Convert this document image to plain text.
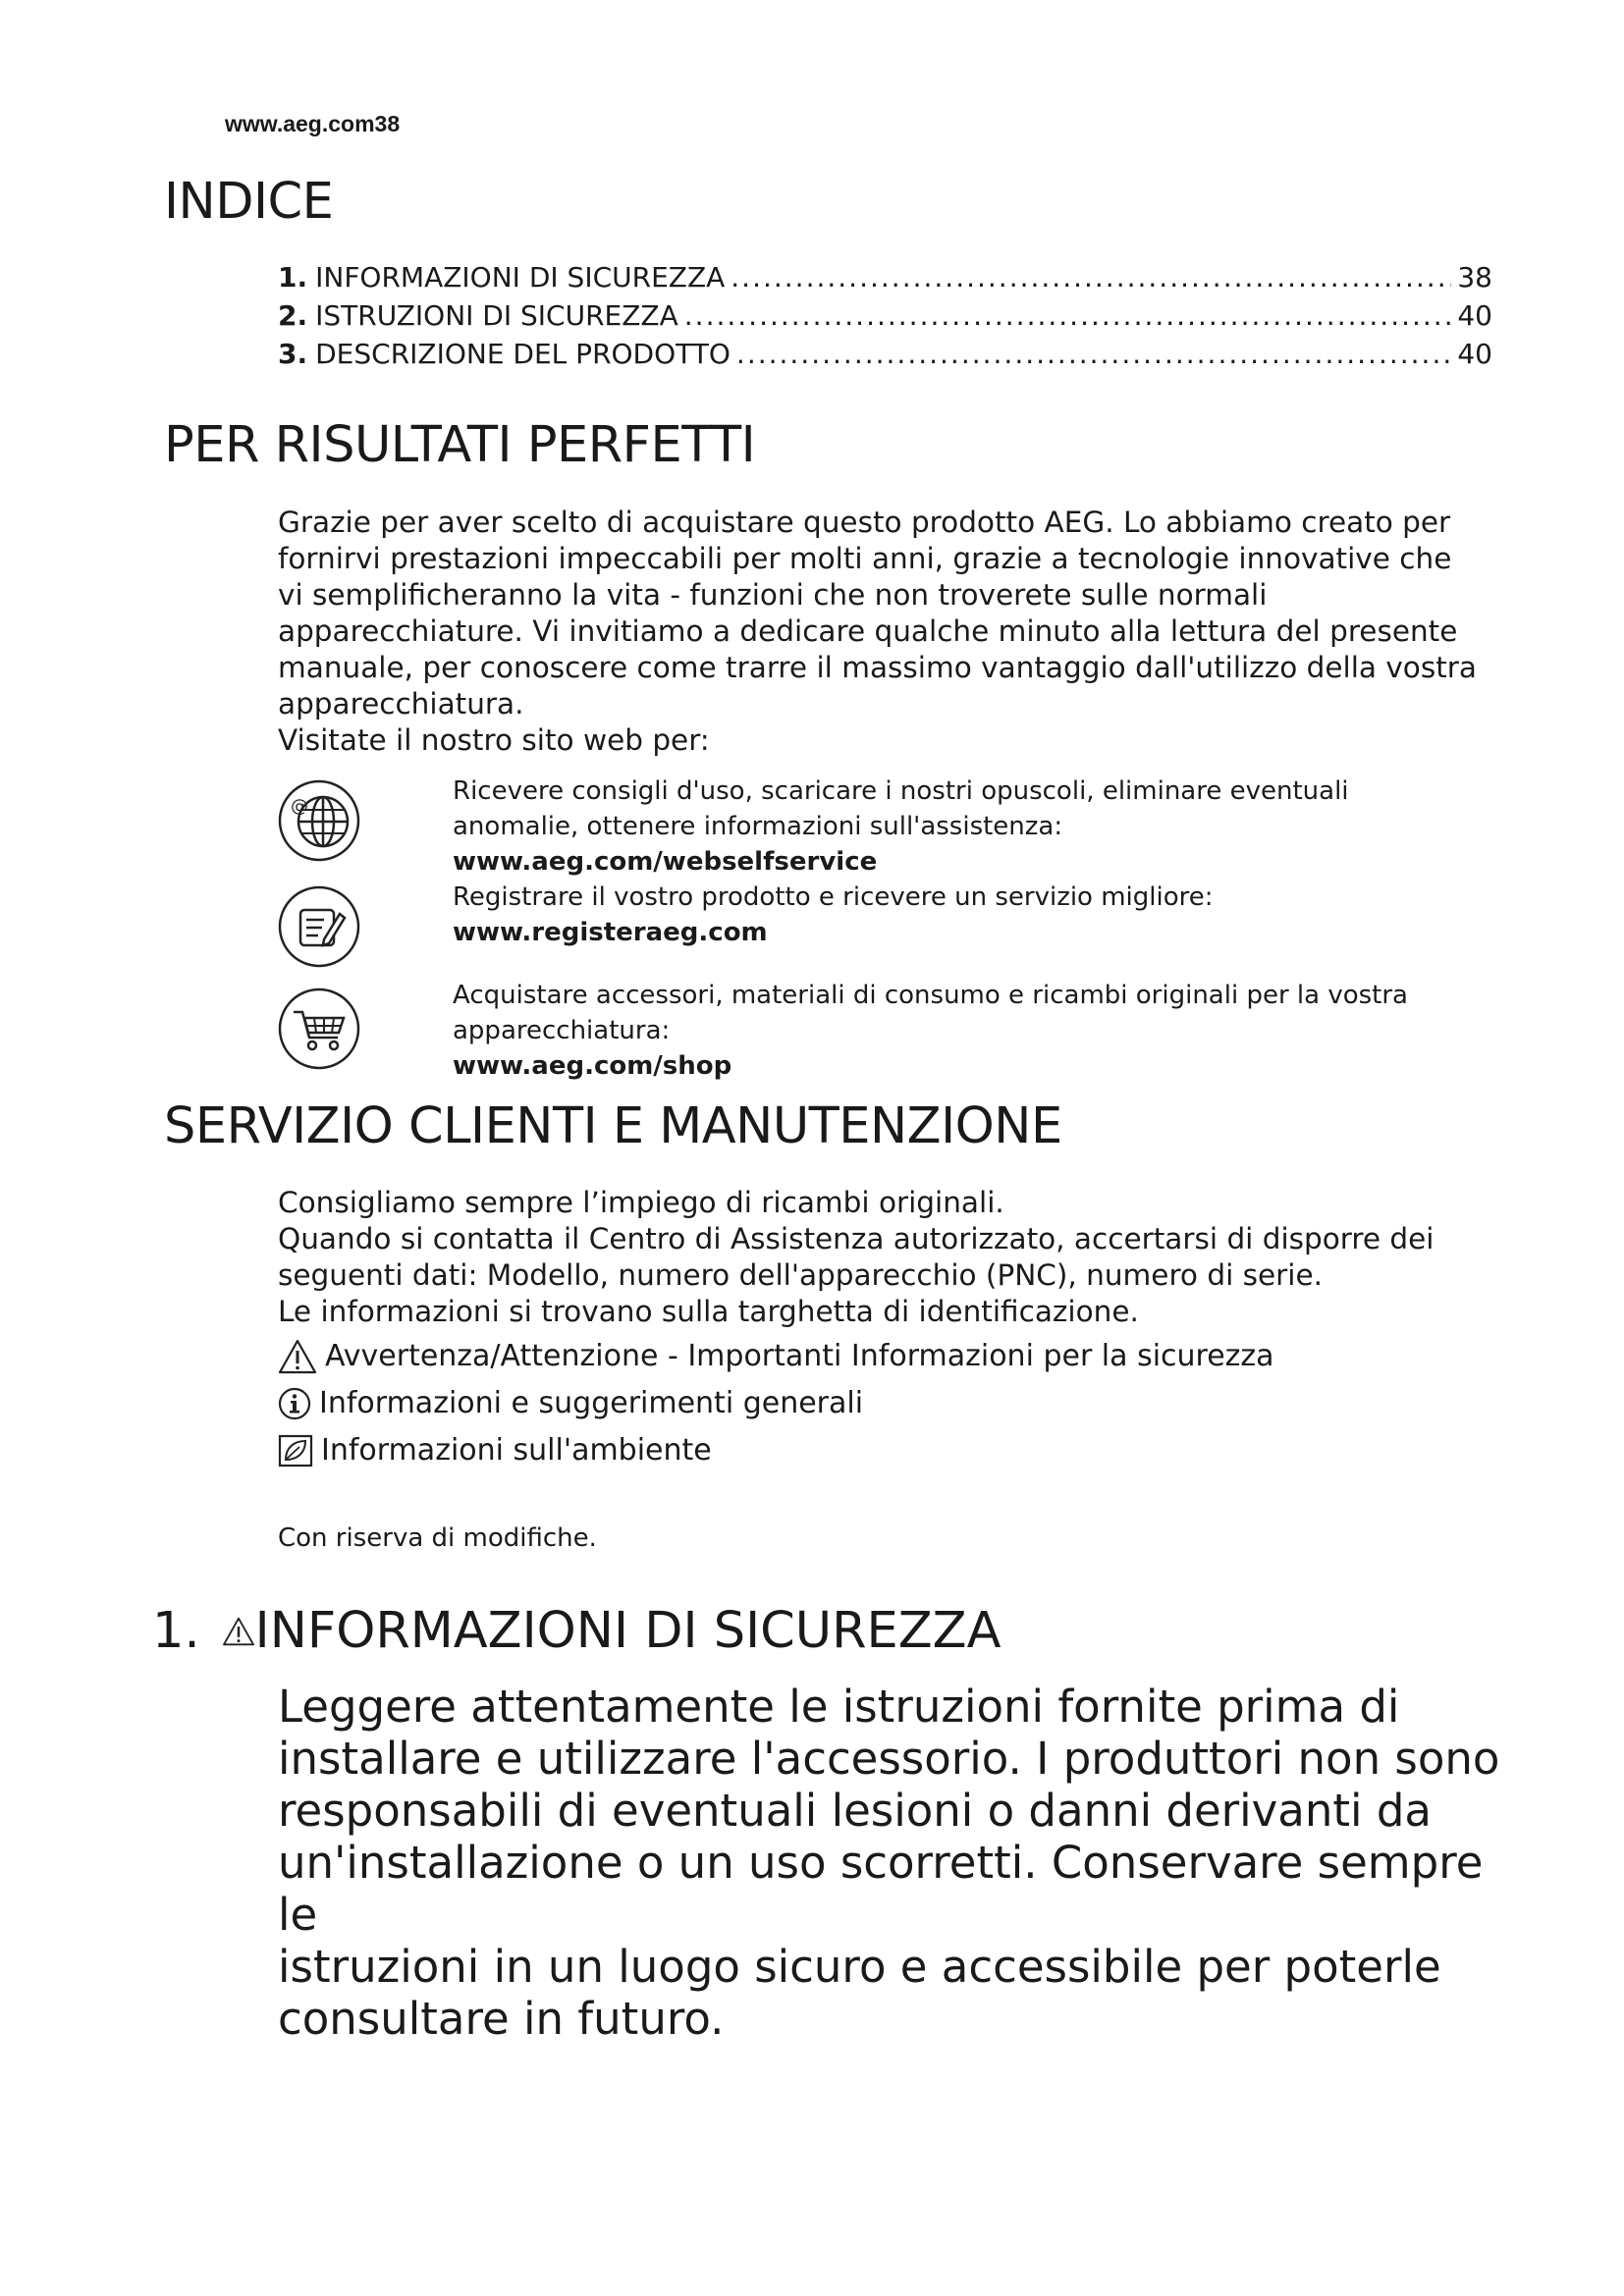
www.aeg.com38
INDICE
1. INFORMAZIONI DI SICUREZZA .....	38
2. ISTRUZIONI DI SICUREZZA .....	40
3. DESCRIZIONE DEL PRODOTTO .....	40
PER RISULTATI PERFETTI

Grazie per aver scelto di acquistare questo prodotto AEG. Lo abbiamo creato per

fornirvi prestazioni impeccabili per molti anni, grazie a tecnologie innovative che

vi semplificheranno la vita - funzioni che non troverete sulle normali

apparecchiature. Vi invitiamo a dedicare qualche minuto alla lettura del presente

manuale, per conoscere come trarre il massimo vantaggio dall'utilizzo della vostra

apparecchiatura.

Visitate il nostro sito web per:

@

Ricevere consigli d'uso, scaricare i nostri opuscoli, eliminare eventuali

anomalie, ottenere informazioni sull'assistenza:

www.aeg.com/webselfservice

Registrare il vostro prodotto e ricevere un servizio migliore:

www.registeraeg.com

Acquistare accessori, materiali di consumo e ricambi originali per la vostra

apparecchiatura:

www.aeg.com/shop

SERVIZIO CLIENTI E MANUTENZIONE

Consigliamo sempre l’impiego di ricambi originali.

Quando si contatta il Centro di Assistenza autorizzato, accertarsi di disporre dei

seguenti dati: Modello, numero dell'apparecchio (PNC), numero di serie.

Le informazioni si trovano sulla targhetta di identificazione.

Avvertenza/Attenzione - Importanti Informazioni per la sicurezza
Informazioni e suggerimenti generali
Informazioni sull'ambiente
Con riserva di modifiche.
1. INFORMAZIONI DI SICUREZZA

Leggere attentamente le istruzioni fornite prima di

installare e utilizzare l'accessorio. I produttori non sono

responsabili di eventuali lesioni o danni derivanti da

un'installazione o un uso scorretti. Conservare sempre le

istruzioni in un luogo sicuro e accessibile per poterle

consultare in futuro.
